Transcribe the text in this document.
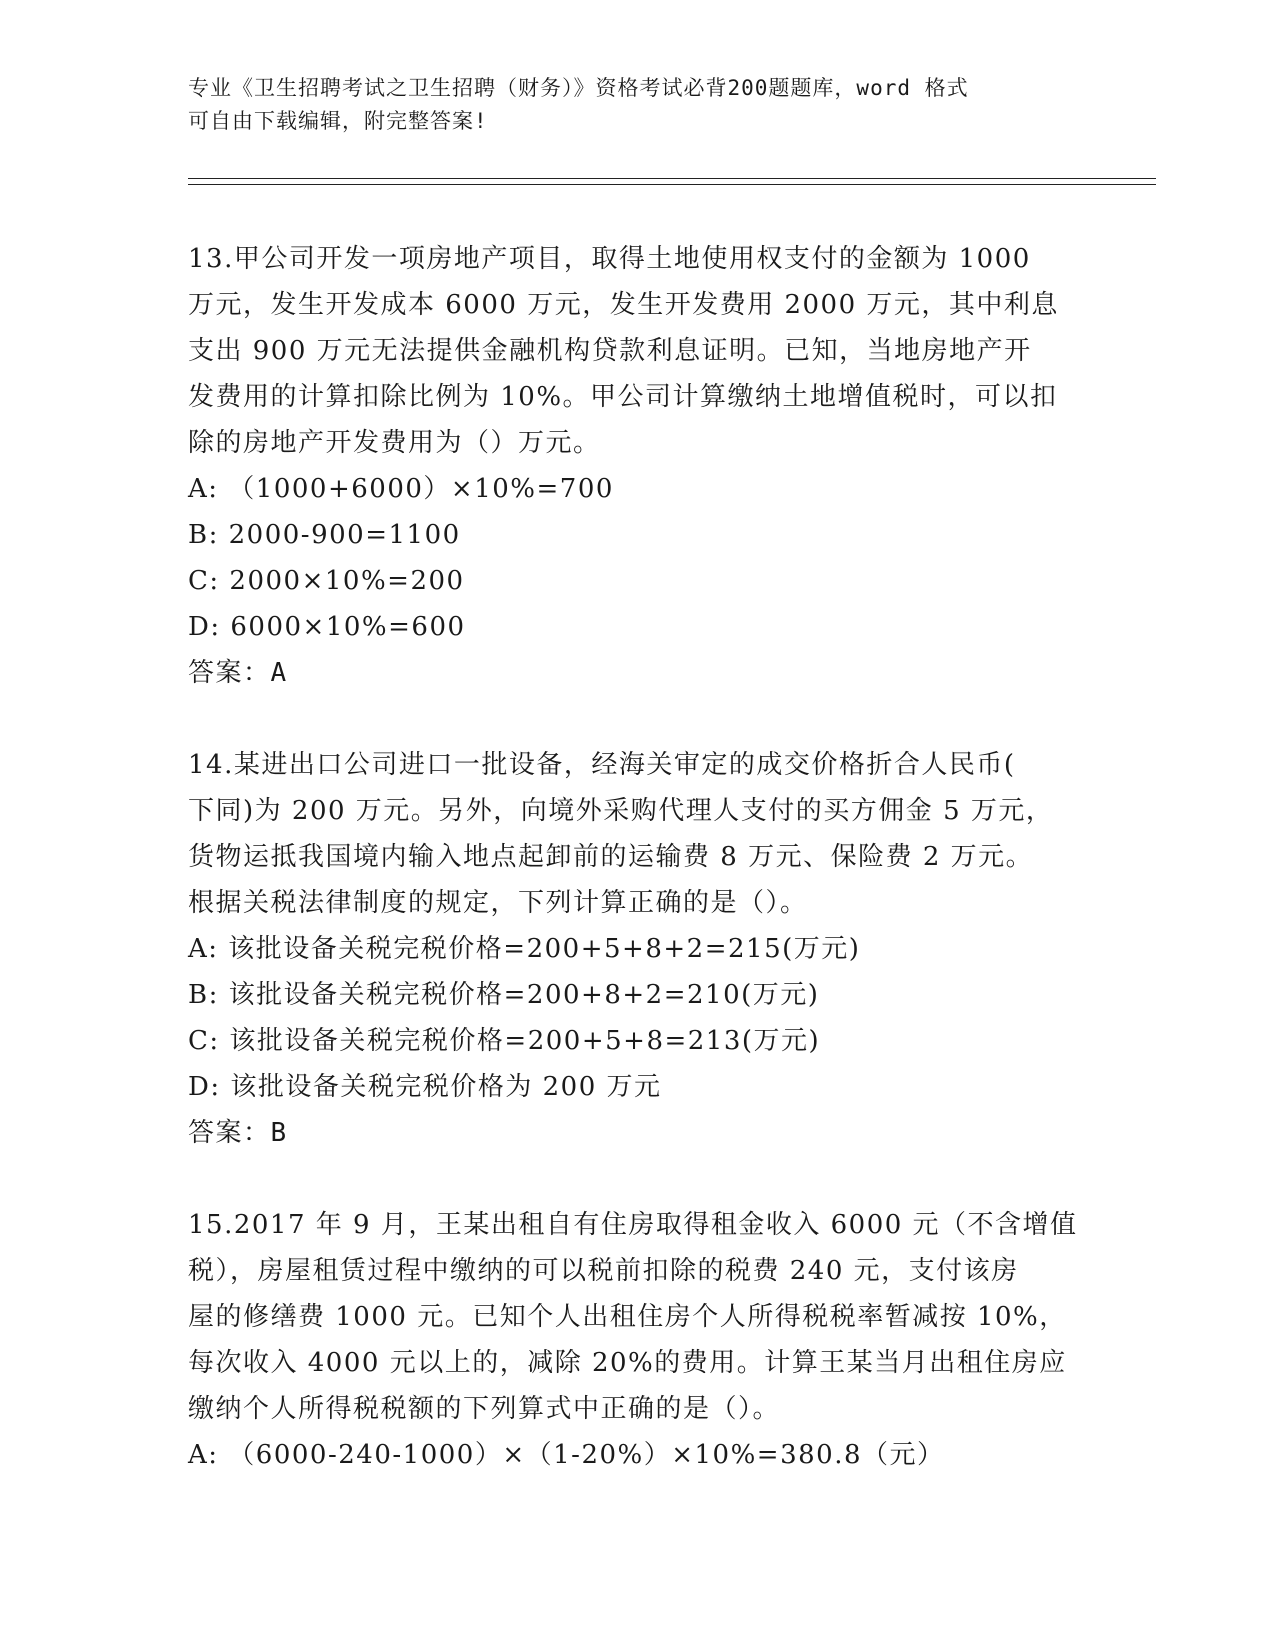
专业《卫生招聘考试之卫生招聘（财务）》资格考试必背200题题库，word 格式
可自由下载编辑，附完整答案!
13.甲公司开发一项房地产项目，取得土地使用权支付的金额为 1000
万元，发生开发成本 6000 万元，发生开发费用 2000 万元，其中利息
支出 900 万元无法提供金融机构贷款利息证明。已知，当地房地产开
发费用的计算扣除比例为 10%。甲公司计算缴纳土地增值税时，可以扣
除的房地产开发费用为（）万元。
A: （1000+6000）×10%=700
B: 2000-900=1100
C: 2000×10%=200
D: 6000×10%=600
答案：A
14.某进出口公司进口一批设备，经海关审定的成交价格折合人民币(
下同)为 200 万元。另外，向境外采购代理人支付的买方佣金 5 万元，
货物运抵我国境内输入地点起卸前的运输费 8 万元、保险费 2 万元。
根据关税法律制度的规定，下列计算正确的是（）。
A: 该批设备关税完税价格=200+5+8+2=215(万元)
B: 该批设备关税完税价格=200+8+2=210(万元)
C: 该批设备关税完税价格=200+5+8=213(万元)
D: 该批设备关税完税价格为 200 万元
答案：B
15.2017 年 9 月，王某出租自有住房取得租金收入 6000 元（不含增值
税），房屋租赁过程中缴纳的可以税前扣除的税费 240 元，支付该房
屋的修缮费 1000 元。已知个人出租住房个人所得税税率暂减按 10%，
每次收入 4000 元以上的，减除 20%的费用。计算王某当月出租住房应
缴纳个人所得税税额的下列算式中正确的是（）。
A: （6000-240-1000）×（1-20%）×10%=380.8（元）
